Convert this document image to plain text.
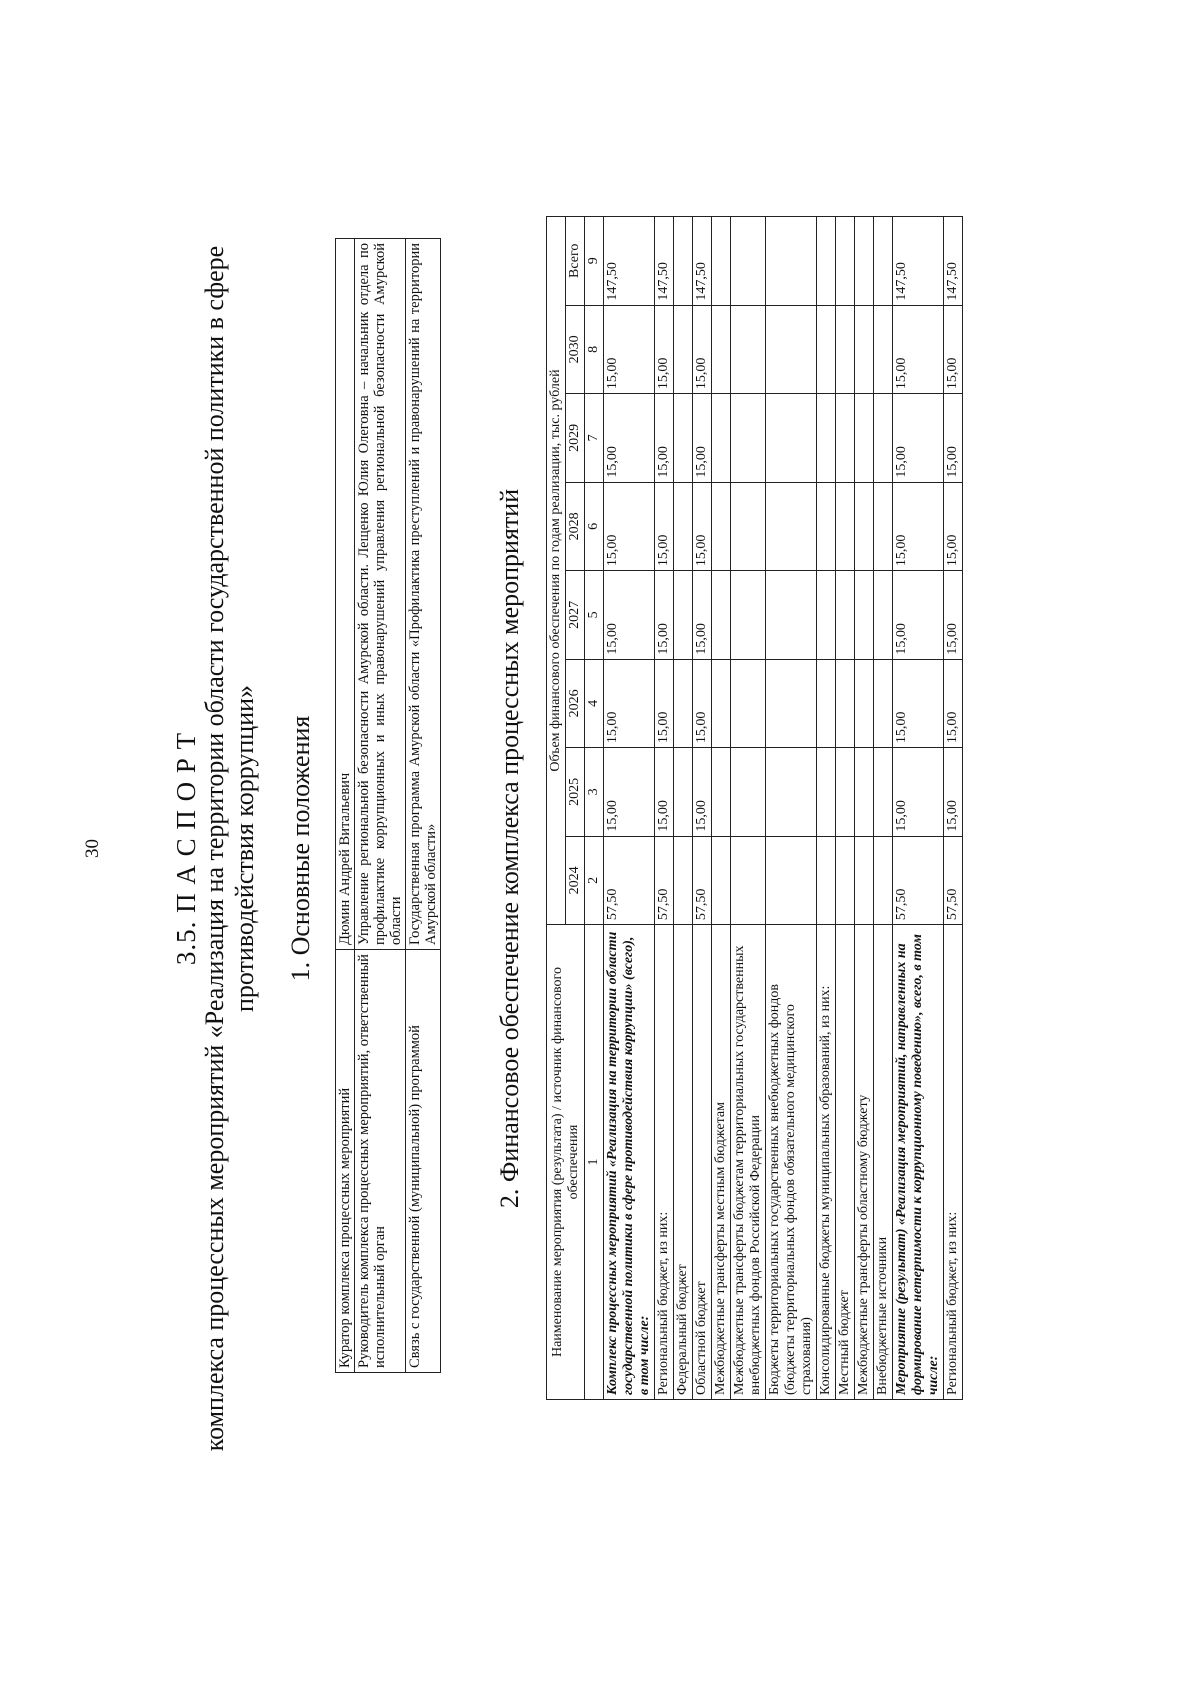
30	3.5. П А С П О Р Т комплекса процессных мероприятий «Реализация на территории области государственной политики в сфере противодействия коррупции» 1. Основные положения
Куратор комплекса процессных мероприятий	Дюмин Андрей Витальевич
Руководитель комплекса процессных мероприятий, ответственный исполнительный орган	Управление региональной безопасности Амурской области. Лещенко Юлия Олеговна – начальник отдела по профилактике коррупционных и иных правонарушений управления региональной безопасности Амурской области
Связь с государственной (муниципальной) программой	Государственная программа Амурской области «Профилактика преступлений и правонарушений на территории Амурской области» 2. Финансовое обеспечение комплекса процессных мероприятий Наименование мероприятия (результата) / источник финансового обеспечения	Объем финансового обеспечения по годам реализации, тыс. рублей							
	2024	2025	2026	2027	2028	2029	2030	Всего
1	2	3	4	5	6	7	8	9
Комплекс процессных мероприятий «Реализация на территории области государственной политики в сфере противодействия коррупции» (всего), в том числе:	57,50	15,00	15,00	15,00	15,00	15,00	15,00	147,50
Региональный бюджет, из них:	57,50	15,00	15,00	15,00	15,00	15,00	15,00	147,50
Федеральный бюджет								
Областной бюджет	57,50	15,00	15,00	15,00	15,00	15,00	15,00	147,50
Межбюджетные трансферты местным бюджетам								
Межбюджетные трансферты бюджетам территориальных государственных внебюджетных фондов Российской Федерации								
Бюджеты территориальных государственных внебюджетных фондов (бюджеты территориальных фондов обязательного медицинского страхования)								
Консолидированные бюджеты муниципальных образований, из них:								
Местный бюджет								
Межбюджетные трансферты областному бюджету								
Внебюджетные источники								
Мероприятие (результат) «Реализация мероприятий, направленных на формирование нетерпимости к коррупционному поведению», всего, в том числе:	57,50	15,00	15,00	15,00	15,00	15,00	15,00	147,50
Региональный бюджет, из них:	57,50	15,00	15,00	15,00	15,00	15,00	15,00	147,50
